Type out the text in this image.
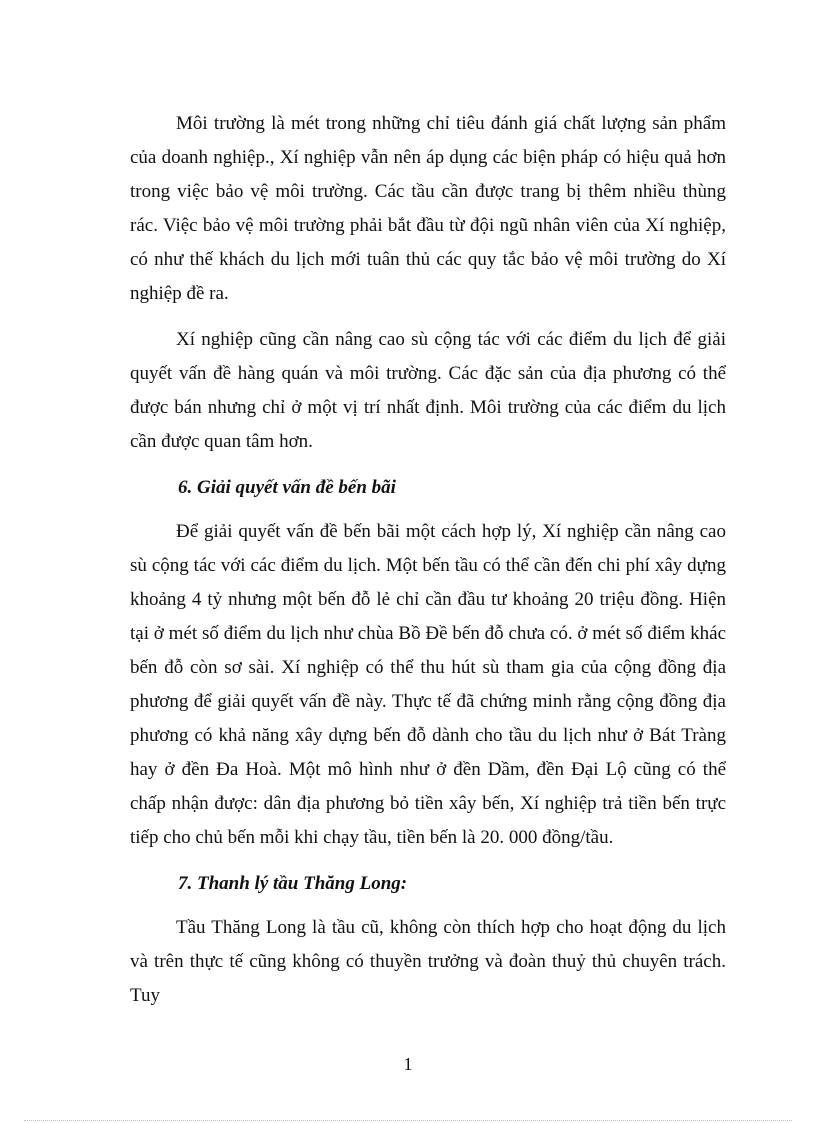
Môi trường là mét trong những chỉ tiêu đánh giá chất lượng sản phẩm của doanh nghiệp., Xí nghiệp vẫn nên áp dụng các biện pháp có hiệu quả hơn trong việc bảo vệ môi trường. Các tầu cần được trang bị thêm nhiều thùng rác. Việc bảo vệ môi trường phải bắt đầu từ đội ngũ nhân viên của Xí nghiệp, có như thế khách du lịch mới tuân thủ các quy tắc bảo vệ môi trường do Xí nghiệp đề ra.

Xí nghiệp cũng cần nâng cao sù cộng tác với các điểm du lịch để giải quyết vấn đề hàng quán và môi trường. Các đặc sản của địa phương có thể được bán nhưng chỉ ở một vị trí nhất định. Môi trường của các điểm du lịch cần được quan tâm hơn.

6. Giải quyết vấn đề bến bãi

Để giải quyết vấn đề bến bãi một cách hợp lý, Xí nghiệp cần nâng cao sù cộng tác với các điểm du lịch. Một bến tầu có thể cần đến chi phí xây dựng khoảng 4 tỷ nhưng một bến đỗ lẻ chỉ cần đầu tư khoảng 20 triệu đồng. Hiện tại ở mét số điểm du lịch như chùa Bồ Đề bến đỗ chưa có. ở mét số điểm khác bến đỗ còn sơ sài. Xí nghiệp có thể thu hút sù tham gia của cộng đồng địa phương để giải quyết vấn đề này. Thực tế đã chứng minh rằng cộng đồng địa phương có khả năng xây dựng bến đỗ dành cho tầu du lịch như ở Bát Tràng hay ở đền Đa Hoà. Một mô hình như ở đền Dầm, đền Đại Lộ cũng có thể chấp nhận được: dân địa phương bỏ tiền xây bến, Xí nghiệp trả tiền bến trực tiếp cho chủ bến mỗi khi chạy tầu, tiền bến là 20. 000 đồng/tầu.

7. Thanh lý tầu Thăng Long:

Tầu Thăng Long là tầu cũ, không còn thích hợp cho hoạt động du lịch và trên thực tế cũng không có thuyền trưởng và đoàn thuỷ thủ chuyên trách. Tuy

1
